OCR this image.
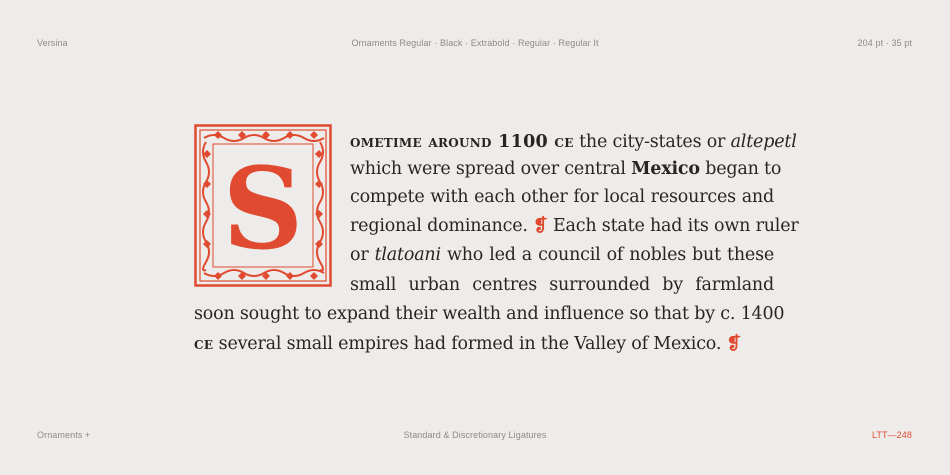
Versina	Ornaments Regular · Black · Extrabold · Regular · Regular It	204 pt · 35 pt
S
ometime around 1100 ce the city-states or altepetl
which were spread over central Mexico began to
compete with each other for local resources and
regional dominance. ❡ Each state had its own ruler
or tlatoani who led a council of nobles but these
small urban centres surrounded by farmland
soon sought to expand their wealth and influence so that by c. 1400
ce several small empires had formed in the Valley of Mexico. ❡
Ornaments +	Standard & Discretionary Ligatures	LTT—248
